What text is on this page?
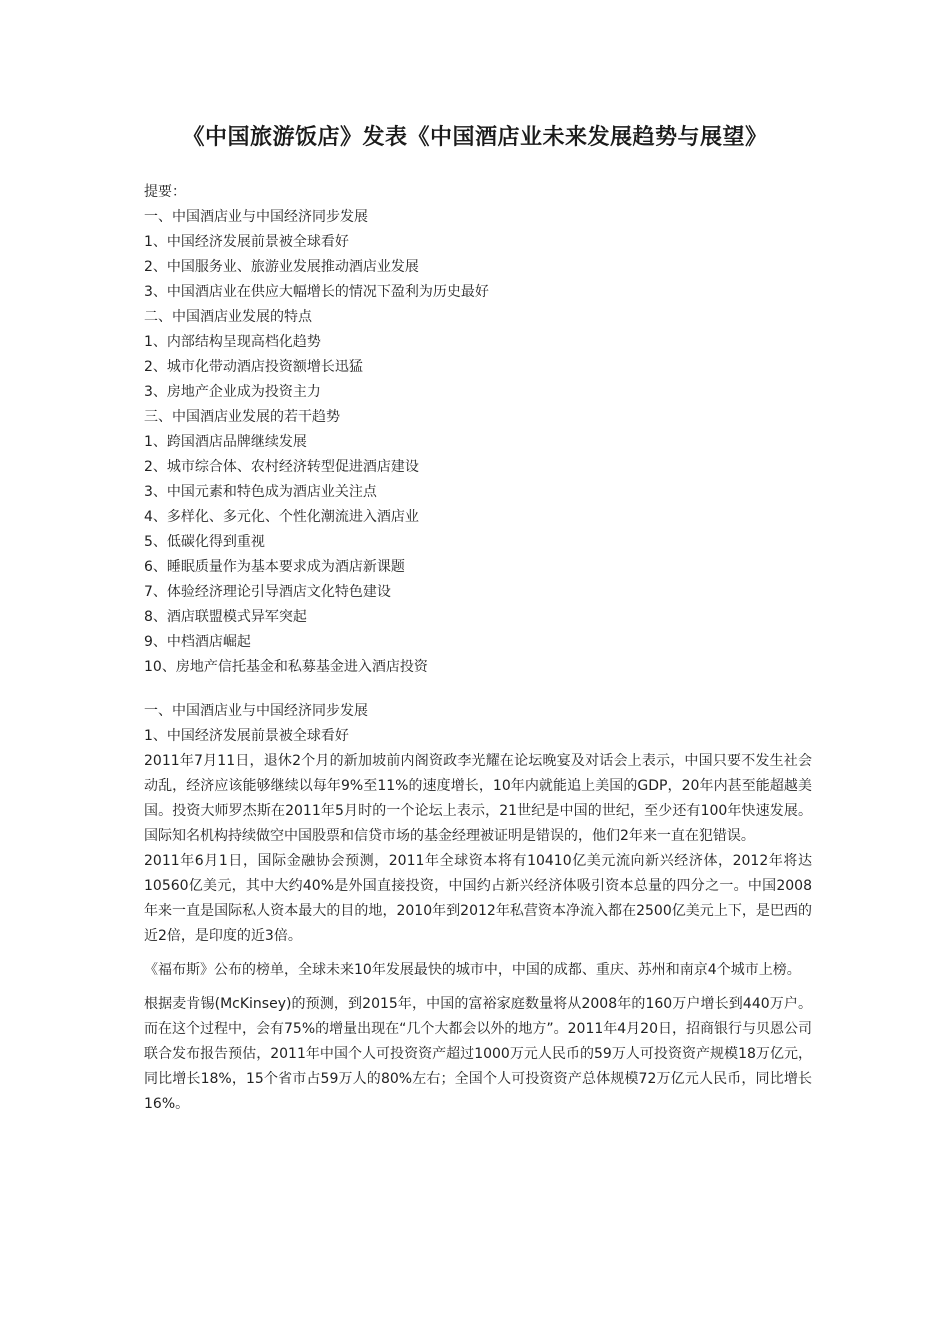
《中国旅游饭店》发表《中国酒店业未来发展趋势与展望》
提要：
一、中国酒店业与中国经济同步发展
1、中国经济发展前景被全球看好
2、中国服务业、旅游业发展推动酒店业发展
3、中国酒店业在供应大幅增长的情况下盈利为历史最好
二、中国酒店业发展的特点
1、内部结构呈现高档化趋势
2、城市化带动酒店投资额增长迅猛
3、房地产企业成为投资主力
三、中国酒店业发展的若干趋势
1、跨国酒店品牌继续发展
2、城市综合体、农村经济转型促进酒店建设
3、中国元素和特色成为酒店业关注点
4、多样化、多元化、个性化潮流进入酒店业
5、低碳化得到重视
6、睡眠质量作为基本要求成为酒店新课题
7、体验经济理论引导酒店文化特色建设
8、酒店联盟模式异军突起
9、中档酒店崛起
10、房地产信托基金和私募基金进入酒店投资
一、中国酒店业与中国经济同步发展
1、中国经济发展前景被全球看好
2011年7月11日，退休2个月的新加坡前内阁资政李光耀在论坛晚宴及对话会上表示，中国只要不发生社会动乱，经济应该能够继续以每年9%至11%的速度增长，10年内就能追上美国的GDP，20年内甚至能超越美国。投资大师罗杰斯在2011年5月时的一个论坛上表示，21世纪是中国的世纪，至少还有100年快速发展。国际知名机构持续做空中国股票和信贷市场的基金经理被证明是错误的，他们2年来一直在犯错误。
2011年6月1日，国际金融协会预测，2011年全球资本将有10410亿美元流向新兴经济体，2012年将达10560亿美元，其中大约40%是外国直接投资，中国约占新兴经济体吸引资本总量的四分之一。中国2008年来一直是国际私人资本最大的目的地，2010年到2012年私营资本净流入都在2500亿美元上下，是巴西的近2倍，是印度的近3倍。
《福布斯》公布的榜单，全球未来10年发展最快的城市中，中国的成都、重庆、苏州和南京4个城市上榜。
根据麦肯锡(McKinsey)的预测，到2015年，中国的富裕家庭数量将从2008年的160万户增长到440万户。而在这个过程中，会有75%的增量出现在“几个大都会以外的地方”。2011年4月20日，招商银行与贝恩公司联合发布报告预估，2011年中国个人可投资资产超过1000万元人民币的59万人可投资资产规模18万亿元，同比增长18%，15个省市占59万人的80%左右；全国个人可投资资产总体规模72万亿元人民币，同比增长16%。
